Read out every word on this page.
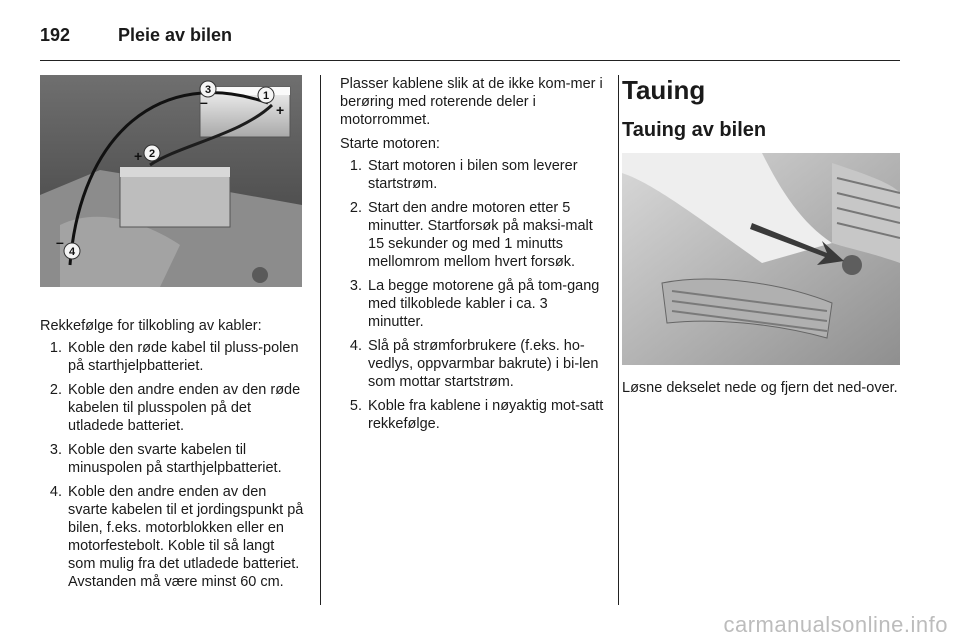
192	Pleie av bilen
1
2
3
4
+
+
–
–

Rekkefølge for tilkobling av kabler:

1. Koble den røde kabel til pluss-polen på starthjelpbatteriet.
2. Koble den andre enden av den røde kabelen til plusspolen på det utladede batteriet.
3. Koble den svarte kabelen til minuspolen på starthjelpbatteriet.
4. Koble den andre enden av den svarte kabelen til et jordingspunkt på bilen, f.eks. motorblokken eller en motorfestebolt. Koble til så langt som mulig fra det utladede batteriet. Avstanden må være minst 60 cm.

Plasser kablene slik at de ikke kom-mer i berøring med roterende deler i motorrommet.

Starte motoren:

1. Start motoren i bilen som leverer startstrøm.
2. Start den andre motoren etter 5 minutter. Startforsøk på maksi-malt 15 sekunder og med 1 minutts mellomrom mellom hvert forsøk.
3. La begge motorene gå på tom-gang med tilkoblede kabler i ca. 3 minutter.
4. Slå på strømforbrukere (f.eks. ho-vedlys, oppvarmbar bakrute) i bi-len som mottar startstrøm.
5. Koble fra kablene i nøyaktig mot-satt rekkefølge.
Tauing
Tauing av bilen

Løsne dekselet nede og fjern det ned-over.

carmanualsonline.info
